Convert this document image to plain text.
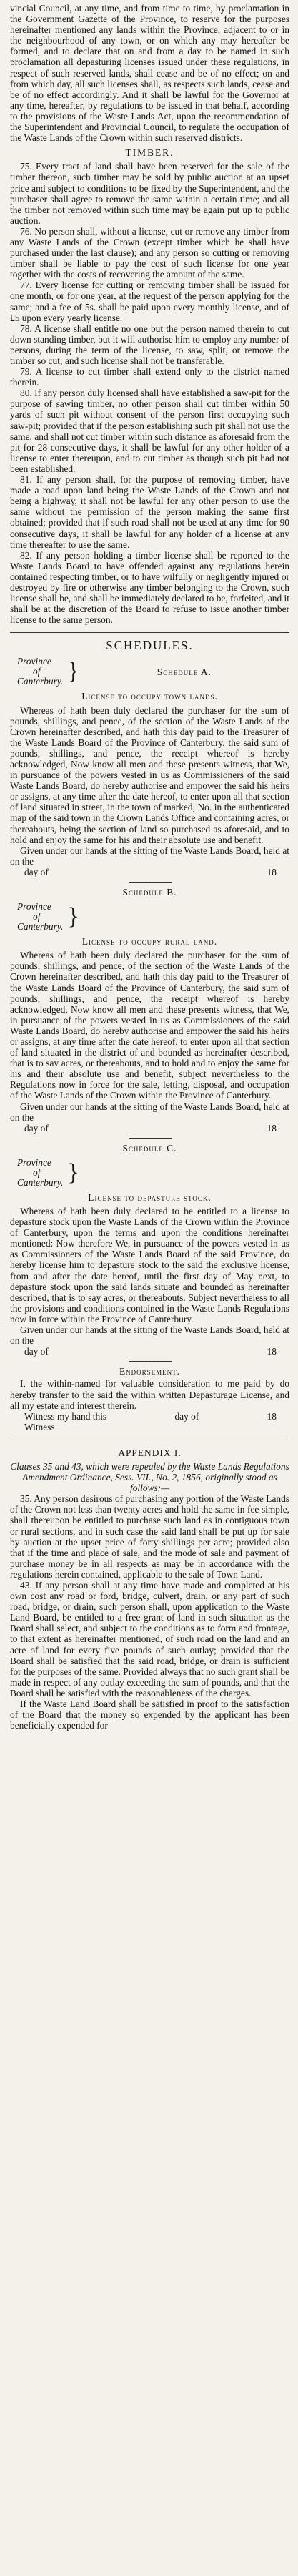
vincial Council, at any time, and from time to time, by proclamation in the Government Gazette of the Province, to reserve for the purposes hereinafter mentioned any lands within the Province, adjacent to or in the neighbourhood of any town, or on which any may hereafter be formed, and to declare that on and from a day to be named in such proclamation all depasturing licenses issued under these regulations, in respect of such reserved lands, shall cease and be of no effect; on and from which day, all such licenses shall, as respects such lands, cease and be of no effect accordingly. And it shall be lawful for the Governor at any time, hereafter, by regulations to be issued in that behalf, according to the provisions of the Waste Lands Act, upon the recommendation of the Superintendent and Provincial Council, to regulate the occupation of the Waste Lands of the Crown within such reserved districts.

TIMBER.

75. Every tract of land shall have been reserved for the sale of the timber thereon, such timber may be sold by public auction at an upset price and subject to conditions to be fixed by the Superintendent, and the purchaser shall agree to remove the same within a certain time; and all the timber not removed within such time may be again put up to public auction.

76. No person shall, without a license, cut or remove any timber from any Waste Lands of the Crown (except timber which he shall have purchased under the last clause); and any person so cutting or removing timber shall be liable to pay the cost of such license for one year together with the costs of recovering the amount of the same.

77. Every license for cutting or removing timber shall be issued for one month, or for one year, at the request of the person applying for the same; and a fee of 5s. shall be paid upon every monthly license, and of £5 upon every yearly license.

78. A license shall entitle no one but the person named therein to cut down standing timber, but it will authorise him to employ any number of persons, during the term of the license, to saw, split, or remove the timber so cut; and such license shall not be transferable.

79. A license to cut timber shall extend only to the district named therein.

80. If any person duly licensed shall have established a saw-pit for the purpose of sawing timber, no other person shall cut timber within 50 yards of such pit without consent of the person first occupying such saw-pit; provided that if the person establishing such pit shall not use the same, and shall not cut timber within such distance as aforesaid from the pit for 28 consecutive days, it shall be lawful for any other holder of a license to enter thereupon, and to cut timber as though such pit had not been established.

81. If any person shall, for the purpose of removing timber, have made a road upon land being the Waste Lands of the Crown and not being a highway, it shall not be lawful for any other person to use the same without the permission of the person making the same first obtained; provided that if such road shall not be used at any time for 90 consecutive days, it shall be lawful for any holder of a license at any time thereafter to use the same.

82. If any person holding a timber license shall be reported to the Waste Lands Board to have offended against any regulations herein contained respecting timber, or to have wilfully or negligently injured or destroyed by fire or otherwise any timber belonging to the Crown, such license shall be, and shall be immediately declared to be, forfeited, and it shall be at the discretion of the Board to refuse to issue another timber license to the same person.

SCHEDULES.
Province
of
Canterbury. }	Schedule A.
License to occupy town lands.

Whereas of hath been duly declared the purchaser for the sum of pounds, shillings, and pence, of the section of the Waste Lands of the Crown hereinafter described, and hath this day paid to the Treasurer of the Waste Lands Board of the Province of Canterbury, the said sum of pounds, shillings, and pence, the receipt whereof is hereby acknowledged, Now know all men and these presents witness, that We, in pursuance of the powers vested in us as Commissioners of the said Waste Lands Board, do hereby authorise and empower the said his heirs or assigns, at any time after the date hereof, to enter upon all that section of land situated in street, in the town of marked, No. in the authenticated map of the said town in the Crown Lands Office and containing acres, or thereabouts, being the section of land so purchased as aforesaid, and to hold and enjoy the same for his and their absolute use and benefit.

Given under our hands at the sitting of the Waste Lands Board, held at on the

day of	18
Schedule B.
Province
of
Canterbury. }
License to occupy rural land.

Whereas of hath been duly declared the purchaser for the sum of pounds, shillings, and pence, of the section of the Waste Lands of the Crown hereinafter described, and hath this day paid to the Treasurer of the Waste Lands Board of the Province of Canterbury, the said sum of pounds, shillings, and pence, the receipt whereof is hereby acknowledged, Now know all men and these presents witness, that We, in pursuance of the powers vested in us as Commissioners of the said Waste Lands Board, do hereby authorise and empower the said his heirs or assigns, at any time after the date hereof, to enter upon all that section of land situated in the district of and bounded as hereinafter described, that is to say acres, or thereabouts, and to hold and to enjoy the same for his and their absolute use and benefit, subject nevertheless to the Regulations now in force for the sale, letting, disposal, and occupation of the Waste Lands of the Crown within the Province of Canterbury.

Given under our hands at the sitting of the Waste Lands Board, held at on the

day of	18
Schedule C.
Province
of
Canterbury. }
License to depasture stock.

Whereas of hath been duly declared to be entitled to a license to depasture stock upon the Waste Lands of the Crown within the Province of Canterbury, upon the terms and upon the conditions hereinafter mentioned: Now therefore We, in pursuance of the powers vested in us as Commissioners of the Waste Lands Board of the said Province, do hereby license him to depasture stock to the said the exclusive license, from and after the date hereof, until the first day of May next, to depasture stock upon the said lands situate and bounded as hereinafter described, that is to say acres, or thereabouts. Subject nevertheless to all the provisions and conditions contained in the Waste Lands Regulations now in force within the Province of Canterbury.

Given under our hands at the sitting of the Waste Lands Board, held at on the

day of	18
Endorsement.

I, the within-named for valuable consideration to me paid by do hereby transfer to the said the within written Depasturage License, and all my estate and interest therein.

Witness my hand this	day of	18
Witness
APPENDIX I.

Clauses 35 and 43, which were repealed by the Waste Lands Regulations Amendment Ordinance, Sess. VII., No. 2, 1856, originally stood as follows:—

35. Any person desirous of purchasing any portion of the Waste Lands of the Crown not less than twenty acres and hold the same in fee simple, shall thereupon be entitled to purchase such land as in contiguous town or rural sections, and in such case the said land shall be put up for sale by auction at the upset price of forty shillings per acre; provided also that if the time and place of sale, and the mode of sale and payment of purchase money be in all respects as may be in accordance with the regulations herein contained, applicable to the sale of Town Land.

43. If any person shall at any time have made and completed at his own cost any road or ford, bridge, culvert, drain, or any part of such road, bridge, or drain, such person shall, upon application to the Waste Land Board, be entitled to a free grant of land in such situation as the Board shall select, and subject to the conditions as to form and frontage, to that extent as hereinafter mentioned, of such road on the land and an acre of land for every five pounds of such outlay; provided that the Board shall be satisfied that the said road, bridge, or drain is sufficient for the purposes of the same. Provided always that no such grant shall be made in respect of any outlay exceeding the sum of pounds, and that the Board shall be satisfied with the reasonableness of the charges.

If the Waste Land Board shall be satisfied in proof to the satisfaction of the Board that the money so expended by the applicant has been beneficially expended for
